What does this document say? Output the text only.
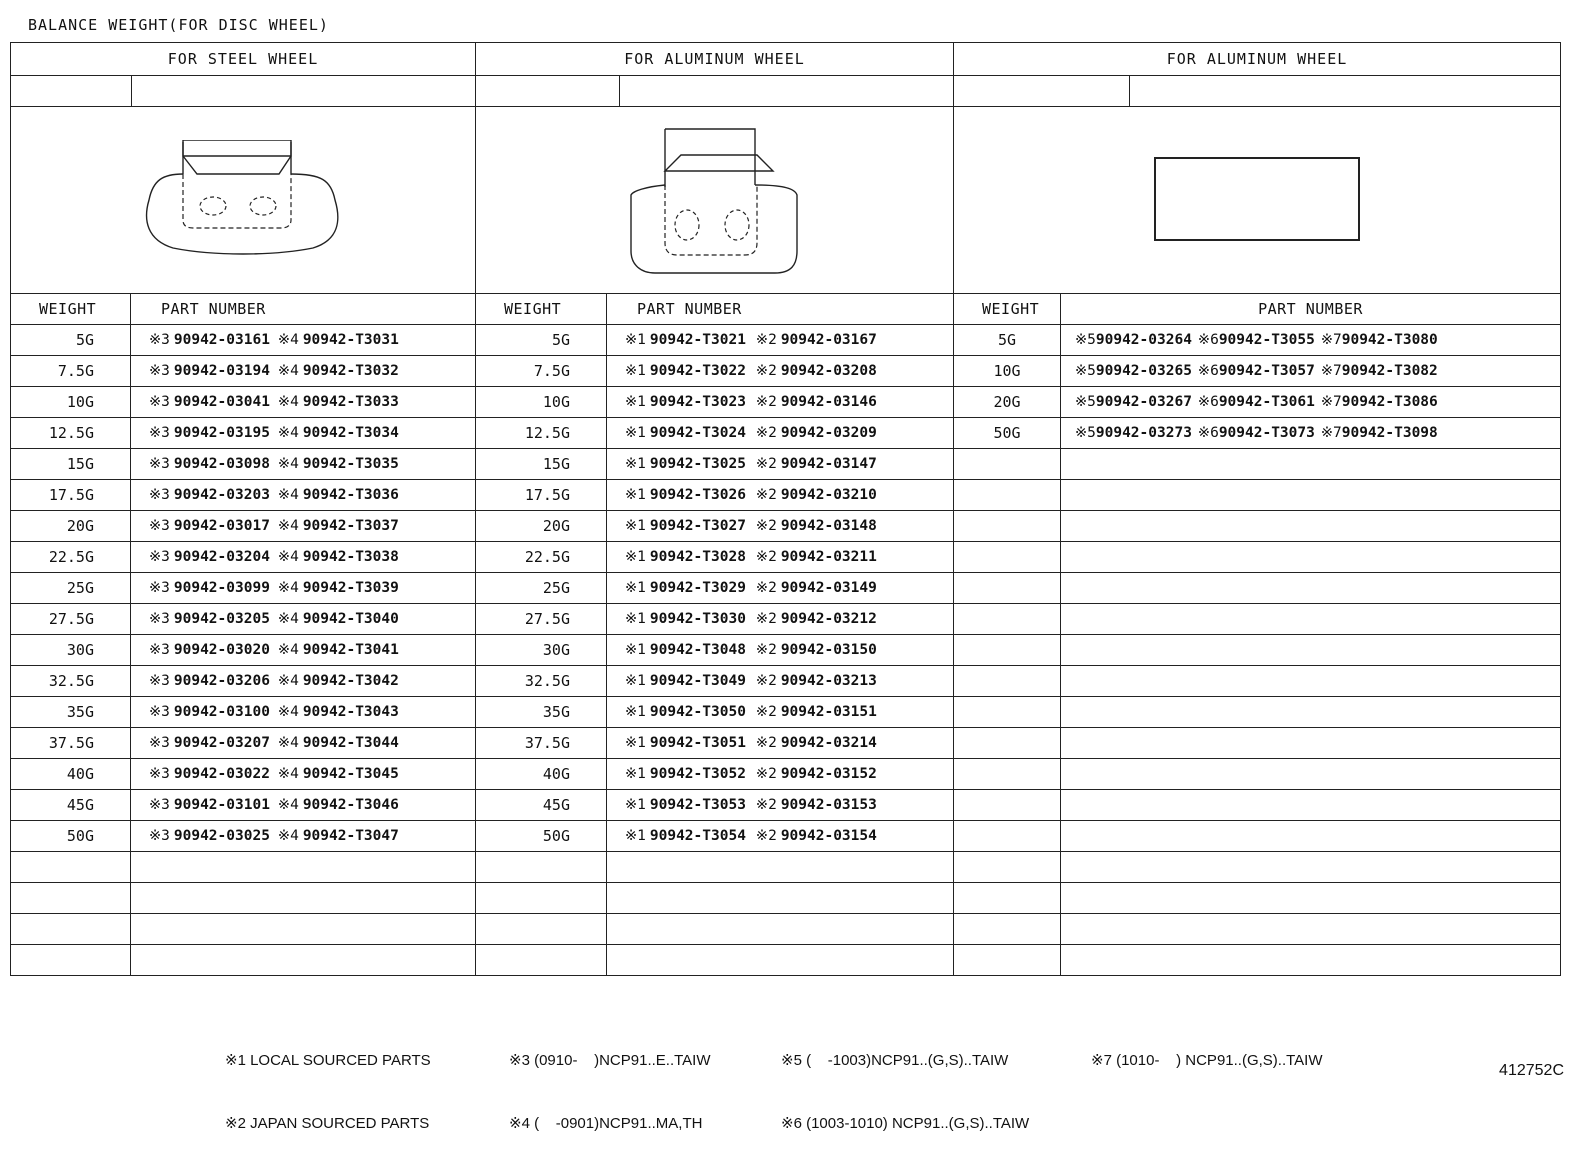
BALANCE WEIGHT(FOR DISC WHEEL)
FOR STEEL WHEEL		FOR ALUMINUM WHEEL		FOR ALUMINUM WHEEL	

WEIGHT	PART NUMBER	WEIGHT	PART NUMBER	WEIGHT	PART NUMBER
5G	※3 90942-03161 ※4 90942-T3031	5G	※1 90942-T3021 ※2 90942-03167	5G	※590942-03264 ※690942-T3055 ※790942-T3080
7.5G	※3 90942-03194 ※4 90942-T3032	7.5G	※1 90942-T3022 ※2 90942-03208	10G	※590942-03265 ※690942-T3057 ※790942-T3082
10G	※3 90942-03041 ※4 90942-T3033	10G	※1 90942-T3023 ※2 90942-03146	20G	※590942-03267 ※690942-T3061 ※790942-T3086
12.5G	※3 90942-03195 ※4 90942-T3034	12.5G	※1 90942-T3024 ※2 90942-03209	50G	※590942-03273 ※690942-T3073 ※790942-T3098
15G	※3 90942-03098 ※4 90942-T3035	15G	※1 90942-T3025 ※2 90942-03147		
17.5G	※3 90942-03203 ※4 90942-T3036	17.5G	※1 90942-T3026 ※2 90942-03210		
20G	※3 90942-03017 ※4 90942-T3037	20G	※1 90942-T3027 ※2 90942-03148		
22.5G	※3 90942-03204 ※4 90942-T3038	22.5G	※1 90942-T3028 ※2 90942-03211		
25G	※3 90942-03099 ※4 90942-T3039	25G	※1 90942-T3029 ※2 90942-03149		
27.5G	※3 90942-03205 ※4 90942-T3040	27.5G	※1 90942-T3030 ※2 90942-03212		
30G	※3 90942-03020 ※4 90942-T3041	30G	※1 90942-T3048 ※2 90942-03150		
32.5G	※3 90942-03206 ※4 90942-T3042	32.5G	※1 90942-T3049 ※2 90942-03213		
35G	※3 90942-03100 ※4 90942-T3043	35G	※1 90942-T3050 ※2 90942-03151		
37.5G	※3 90942-03207 ※4 90942-T3044	37.5G	※1 90942-T3051 ※2 90942-03214		
40G	※3 90942-03022 ※4 90942-T3045	40G	※1 90942-T3052 ※2 90942-03152		
45G	※3 90942-03101 ※4 90942-T3046	45G	※1 90942-T3053 ※2 90942-03153		
50G	※3 90942-03025 ※4 90942-T3047	50G	※1 90942-T3054 ※2 90942-03154		

※1 LOCAL SOURCED PARTS

※2 JAPAN SOURCED PARTS

※3 (0910-    )NCP91..E..TAIW

※4 (    -0901)NCP91..MA,TH

※5 (    -1003)NCP91..(G,S)..TAIW

※6 (1003-1010) NCP91..(G,S)..TAIW

※7 (1010-    ) NCP91..(G,S)..TAIW

412752C
